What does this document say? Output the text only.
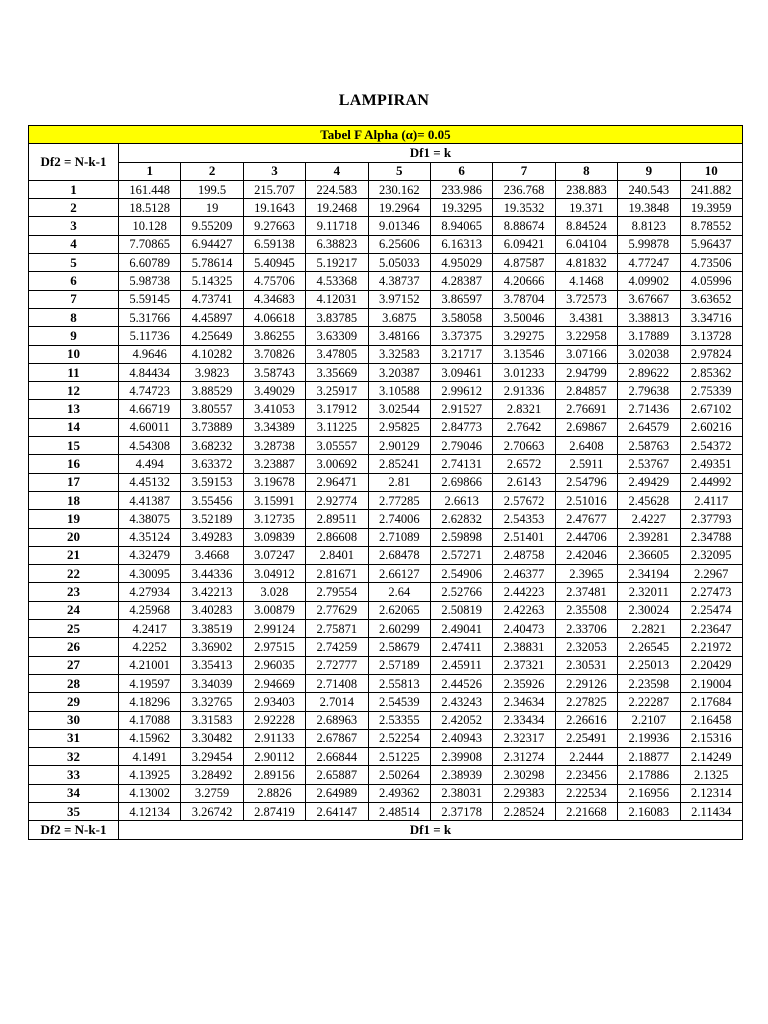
LAMPIRAN
Tabel F Alpha (α)= 0.05										
Df2 = N-k-1	Df1 = k									
	1	2	3	4	5	6	7	8	9	10
1	161.448	199.5	215.707	224.583	230.162	233.986	236.768	238.883	240.543	241.882
2	18.5128	19	19.1643	19.2468	19.2964	19.3295	19.3532	19.371	19.3848	19.3959
3	10.128	9.55209	9.27663	9.11718	9.01346	8.94065	8.88674	8.84524	8.8123	8.78552
4	7.70865	6.94427	6.59138	6.38823	6.25606	6.16313	6.09421	6.04104	5.99878	5.96437
5	6.60789	5.78614	5.40945	5.19217	5.05033	4.95029	4.87587	4.81832	4.77247	4.73506
6	5.98738	5.14325	4.75706	4.53368	4.38737	4.28387	4.20666	4.1468	4.09902	4.05996
7	5.59145	4.73741	4.34683	4.12031	3.97152	3.86597	3.78704	3.72573	3.67667	3.63652
8	5.31766	4.45897	4.06618	3.83785	3.6875	3.58058	3.50046	3.4381	3.38813	3.34716
9	5.11736	4.25649	3.86255	3.63309	3.48166	3.37375	3.29275	3.22958	3.17889	3.13728
10	4.9646	4.10282	3.70826	3.47805	3.32583	3.21717	3.13546	3.07166	3.02038	2.97824
11	4.84434	3.9823	3.58743	3.35669	3.20387	3.09461	3.01233	2.94799	2.89622	2.85362
12	4.74723	3.88529	3.49029	3.25917	3.10588	2.99612	2.91336	2.84857	2.79638	2.75339
13	4.66719	3.80557	3.41053	3.17912	3.02544	2.91527	2.8321	2.76691	2.71436	2.67102
14	4.60011	3.73889	3.34389	3.11225	2.95825	2.84773	2.7642	2.69867	2.64579	2.60216
15	4.54308	3.68232	3.28738	3.05557	2.90129	2.79046	2.70663	2.6408	2.58763	2.54372
16	4.494	3.63372	3.23887	3.00692	2.85241	2.74131	2.6572	2.5911	2.53767	2.49351
17	4.45132	3.59153	3.19678	2.96471	2.81	2.69866	2.6143	2.54796	2.49429	2.44992
18	4.41387	3.55456	3.15991	2.92774	2.77285	2.6613	2.57672	2.51016	2.45628	2.4117
19	4.38075	3.52189	3.12735	2.89511	2.74006	2.62832	2.54353	2.47677	2.4227	2.37793
20	4.35124	3.49283	3.09839	2.86608	2.71089	2.59898	2.51401	2.44706	2.39281	2.34788
21	4.32479	3.4668	3.07247	2.8401	2.68478	2.57271	2.48758	2.42046	2.36605	2.32095
22	4.30095	3.44336	3.04912	2.81671	2.66127	2.54906	2.46377	2.3965	2.34194	2.2967
23	4.27934	3.42213	3.028	2.79554	2.64	2.52766	2.44223	2.37481	2.32011	2.27473
24	4.25968	3.40283	3.00879	2.77629	2.62065	2.50819	2.42263	2.35508	2.30024	2.25474
25	4.2417	3.38519	2.99124	2.75871	2.60299	2.49041	2.40473	2.33706	2.2821	2.23647
26	4.2252	3.36902	2.97515	2.74259	2.58679	2.47411	2.38831	2.32053	2.26545	2.21972
27	4.21001	3.35413	2.96035	2.72777	2.57189	2.45911	2.37321	2.30531	2.25013	2.20429
28	4.19597	3.34039	2.94669	2.71408	2.55813	2.44526	2.35926	2.29126	2.23598	2.19004
29	4.18296	3.32765	2.93403	2.7014	2.54539	2.43243	2.34634	2.27825	2.22287	2.17684
30	4.17088	3.31583	2.92228	2.68963	2.53355	2.42052	2.33434	2.26616	2.2107	2.16458
31	4.15962	3.30482	2.91133	2.67867	2.52254	2.40943	2.32317	2.25491	2.19936	2.15316
32	4.1491	3.29454	2.90112	2.66844	2.51225	2.39908	2.31274	2.2444	2.18877	2.14249
33	4.13925	3.28492	2.89156	2.65887	2.50264	2.38939	2.30298	2.23456	2.17886	2.1325
34	4.13002	3.2759	2.8826	2.64989	2.49362	2.38031	2.29383	2.22534	2.16956	2.12314
35	4.12134	3.26742	2.87419	2.64147	2.48514	2.37178	2.28524	2.21668	2.16083	2.11434
Df2 = N-k-1	Df1 = k									
